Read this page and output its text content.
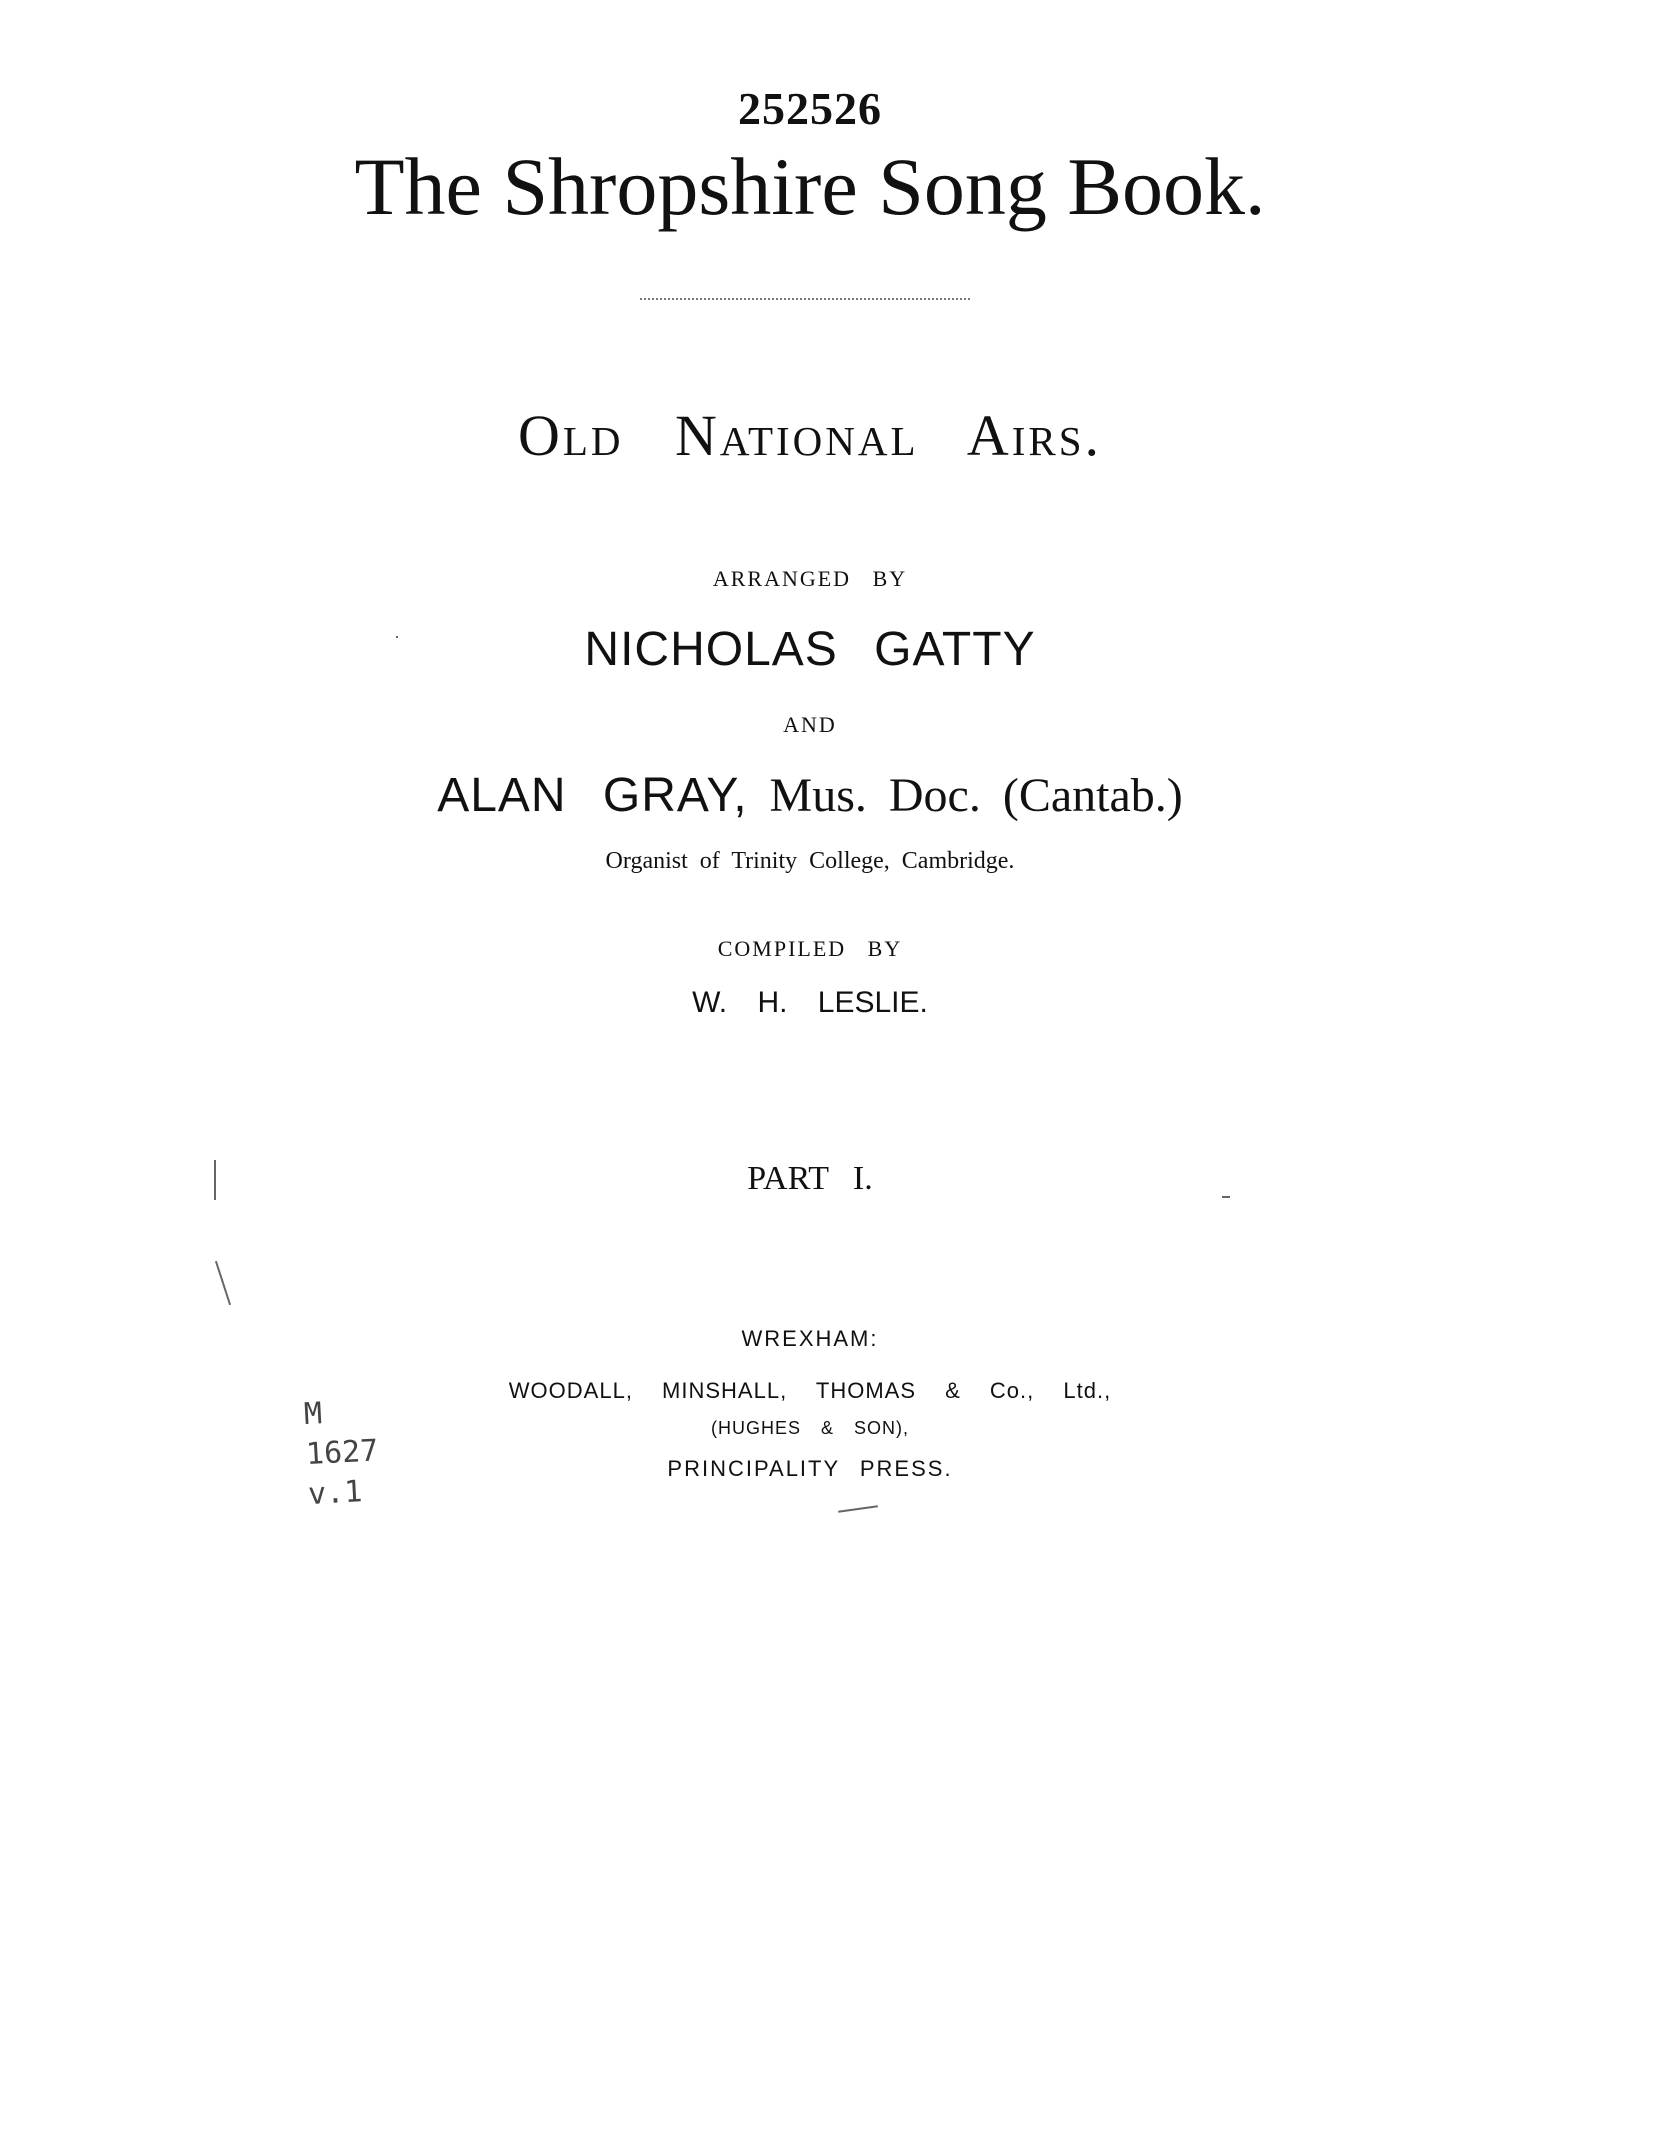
252526
The Shropshire Song Book.
Old National Airs.
ARRANGED BY
NICHOLAS GATTY
AND
ALAN GRAY, Mus. Doc. (Cantab.)
Organist of Trinity College, Cambridge.
COMPILED BY
W. H. LESLIE.
PART I.
WREXHAM:
WOODALL, MINSHALL, THOMAS & Co., Ltd.,
(HUGHES & SON),
PRINCIPALITY PRESS.
M
1627
v.1
